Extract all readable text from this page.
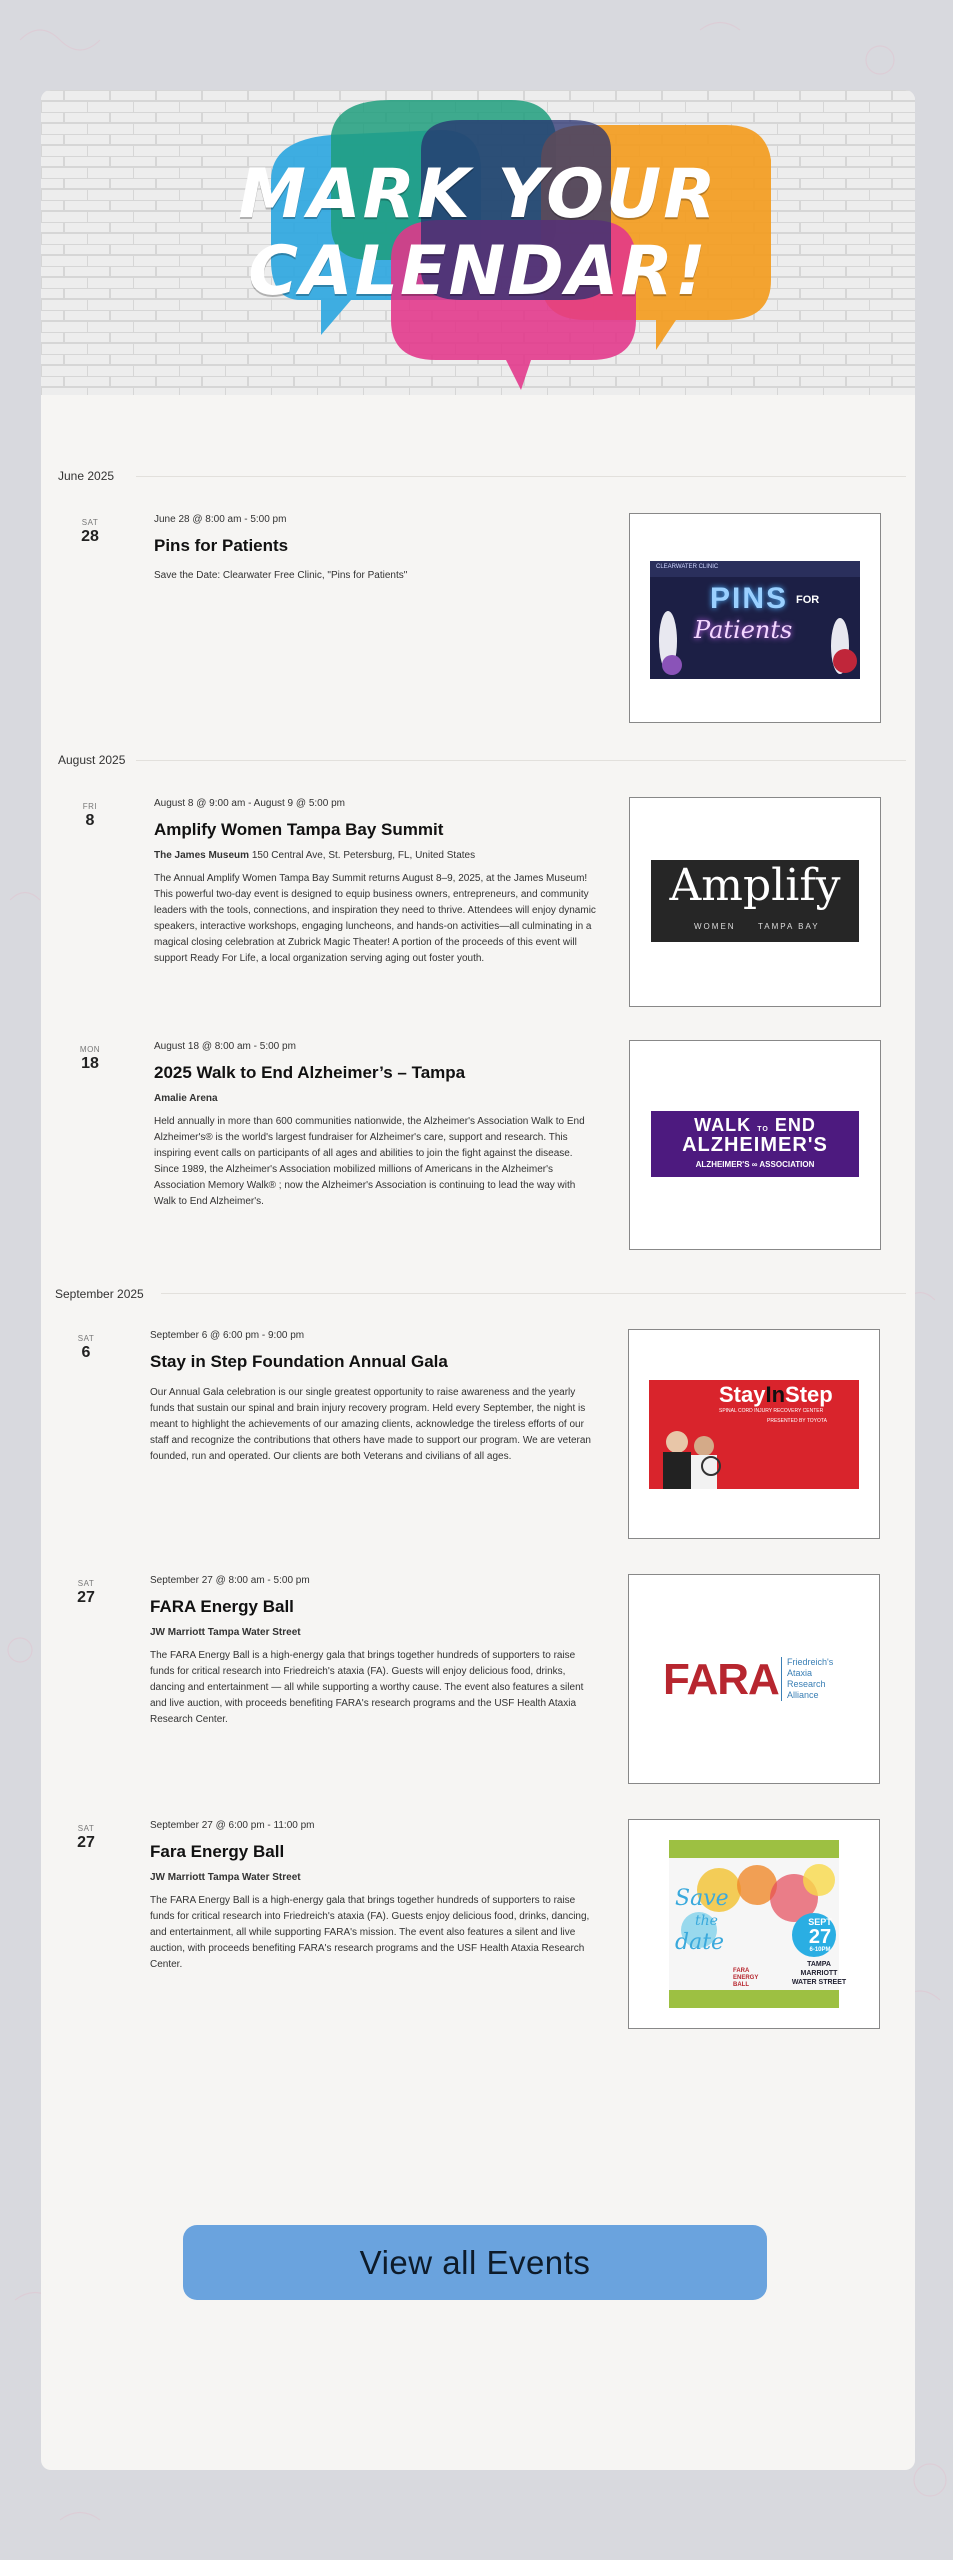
MARK YOUR
CALENDAR!
June 2025
SAT
28
June 28 @ 8:00 am - 5:00 pm
Pins for Patients
Save the Date: Clearwater Free Clinic, "Pins for Patients"
CLEARWATER CLINIC
PINS FOR
Patients
August 2025
FRI
8
August 8 @ 9:00 am - August 9 @ 5:00 pm
Amplify Women Tampa Bay Summit
The James Museum 150 Central Ave, St. Petersburg, FL, United States
The Annual Amplify Women Tampa Bay Summit returns August 8–9, 2025, at the James Museum! This powerful two-day event is designed to equip business owners, entrepreneurs, and community leaders with the tools, connections, and inspiration they need to thrive. Attendees will enjoy dynamic speakers, interactive workshops, engaging luncheons, and hands-on activities—all culminating in a magical closing celebration at Zubrick Magic Theater! A portion of the proceeds of this event will support Ready For Life, a local organization serving aging out foster youth.
Amplify
WOMEN	TAMPA BAY
MON
18
August 18 @ 8:00 am - 5:00 pm
2025 Walk to End Alzheimer’s – Tampa
Amalie Arena
Held annually in more than 600 communities nationwide, the Alzheimer's Association Walk to End Alzheimer's® is the world's largest fundraiser for Alzheimer's care, support and research. This inspiring event calls on participants of all ages and abilities to join the fight against the disease. Since 1989, the Alzheimer's Association mobilized millions of Americans in the Alzheimer's Association Memory Walk® ; now the Alzheimer's Association is continuing to lead the way with Walk to End Alzheimer's.
WALK TO END
ALZHEIMER'S
ALZHEIMER'S ∞ ASSOCIATION
September 2025
SAT
6
September 6 @ 6:00 pm - 9:00 pm
Stay in Step Foundation Annual Gala
Our Annual Gala celebration is our single greatest opportunity to raise awareness and the yearly funds that sustain our spinal and brain injury recovery program. Held every September, the night is meant to highlight the achievements of our amazing clients, acknowledge the tireless efforts of our staff and recognize the contributions that others have made to support our program. We are veteran founded, run and operated. Our clients are both Veterans and civilians of all ages.
StayInStep
SPINAL CORD INJURY RECOVERY CENTER
PRESENTED BY TOYOTA
SAT
27
September 27 @ 8:00 am - 5:00 pm
FARA Energy Ball
JW Marriott Tampa Water Street
The FARA Energy Ball is a high-energy gala that brings together hundreds of supporters to raise funds for critical research into Friedreich's ataxia (FA). Guests will enjoy delicious food, drinks, dancing and entertainment — all while supporting a worthy cause. The event also features a silent and live auction, with proceeds benefiting FARA's research programs and the USF Health Ataxia Research Center.
FARA Friedreich's
Ataxia
Research
Alliance
SAT
27
September 27 @ 6:00 pm - 11:00 pm
Fara Energy Ball
JW Marriott Tampa Water Street
The FARA Energy Ball is a high-energy gala that brings together hundreds of supporters to raise funds for critical research into Friedreich's ataxia (FA). Guests enjoy delicious food, drinks, dancing, and entertainment, all while supporting FARA's mission. The event also features a silent and live auction, with proceeds benefiting FARA's research programs and the USF Health Ataxia Research Center.
Save
the
date
SEPT
27
6-10PM
TAMPA
MARRIOTT
WATER STREET
FARA
ENERGY
BALL
View all Events
